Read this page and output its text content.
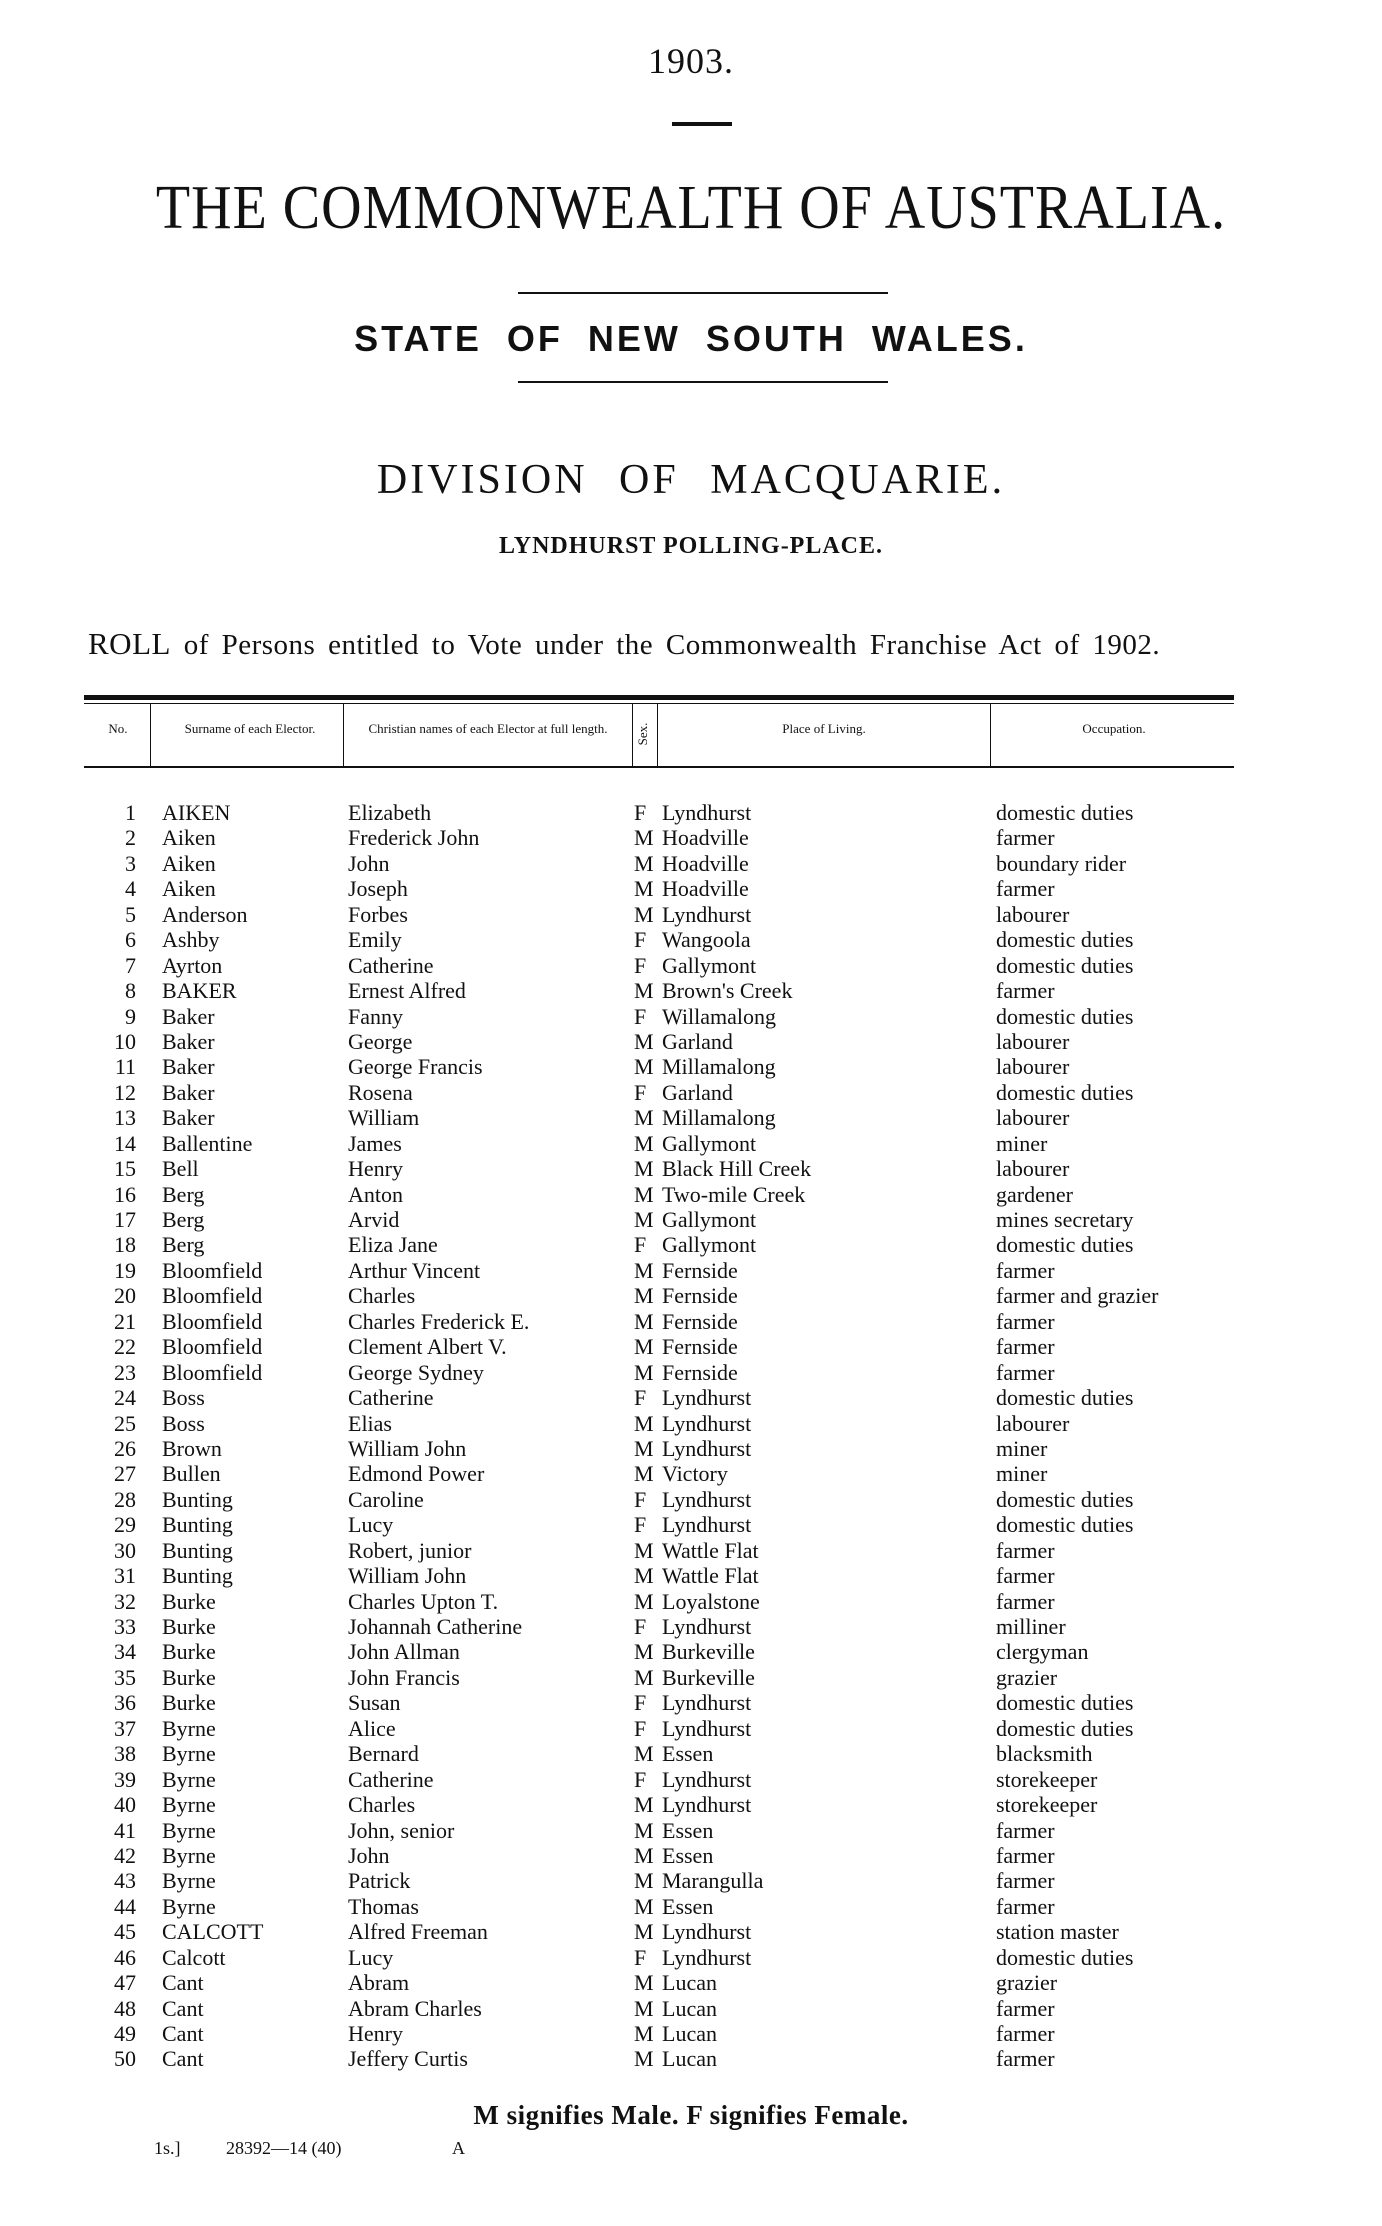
1903.
THE COMMONWEALTH OF AUSTRALIA.
STATE OF NEW SOUTH WALES.
DIVISION OF MACQUARIE.
LYNDHURST POLLING-PLACE.
ROLL of Persons entitled to Vote under the Commonwealth Franchise Act of 1902.
No.	Surname of each Elector.	Christian names of each Elector at full length.	Sex.	Place of Living.	Occupation.
1 AIKEN	Elizabeth	F Lyndhurst	domestic duties
2 Aiken	Frederick John	M Hoadville	farmer
3 Aiken	John	M Hoadville	boundary rider
4 Aiken	Joseph	M Hoadville	farmer
5 Anderson	Forbes	M Lyndhurst	labourer
6 Ashby	Emily	F Wangoola	domestic duties
7 Ayrton	Catherine	F Gallymont	domestic duties
8 BAKER	Ernest Alfred	M Brown's Creek	farmer
9 Baker	Fanny	F Willamalong	domestic duties
10 Baker	George	M Garland	labourer
11 Baker	George Francis	M Millamalong	labourer
12 Baker	Rosena	F Garland	domestic duties
13 Baker	William	M Millamalong	labourer
14 Ballentine	James	M Gallymont	miner
15 Bell	Henry	M Black Hill Creek	labourer
16 Berg	Anton	M Two-mile Creek	gardener
17 Berg	Arvid	M Gallymont	mines secretary
18 Berg	Eliza Jane	F Gallymont	domestic duties
19 Bloomfield	Arthur Vincent	M Fernside	farmer
20 Bloomfield	Charles	M Fernside	farmer and grazier
21 Bloomfield	Charles Frederick E.	M Fernside	farmer
22 Bloomfield	Clement Albert V.	M Fernside	farmer
23 Bloomfield	George Sydney	M Fernside	farmer
24 Boss	Catherine	F Lyndhurst	domestic duties
25 Boss	Elias	M Lyndhurst	labourer
26 Brown	William John	M Lyndhurst	miner
27 Bullen	Edmond Power	M Victory	miner
28 Bunting	Caroline	F Lyndhurst	domestic duties
29 Bunting	Lucy	F Lyndhurst	domestic duties
30 Bunting	Robert, junior	M Wattle Flat	farmer
31 Bunting	William John	M Wattle Flat	farmer
32 Burke	Charles Upton T.	M Loyalstone	farmer
33 Burke	Johannah Catherine	F Lyndhurst	milliner
34 Burke	John Allman	M Burkeville	clergyman
35 Burke	John Francis	M Burkeville	grazier
36 Burke	Susan	F Lyndhurst	domestic duties
37 Byrne	Alice	F Lyndhurst	domestic duties
38 Byrne	Bernard	M Essen	blacksmith
39 Byrne	Catherine	F Lyndhurst	storekeeper
40 Byrne	Charles	M Lyndhurst	storekeeper
41 Byrne	John, senior	M Essen	farmer
42 Byrne	John	M Essen	farmer
43 Byrne	Patrick	M Marangulla	farmer
44 Byrne	Thomas	M Essen	farmer
45 CALCOTT	Alfred Freeman	M Lyndhurst	station master
46 Calcott	Lucy	F Lyndhurst	domestic duties
47 Cant	Abram	M Lucan	grazier
48 Cant	Abram Charles	M Lucan	farmer
49 Cant	Henry	M Lucan	farmer
50 Cant	Jeffery Curtis	M Lucan	farmer
M signifies Male. F signifies Female.
1s.]	28392—14 (40)	A
